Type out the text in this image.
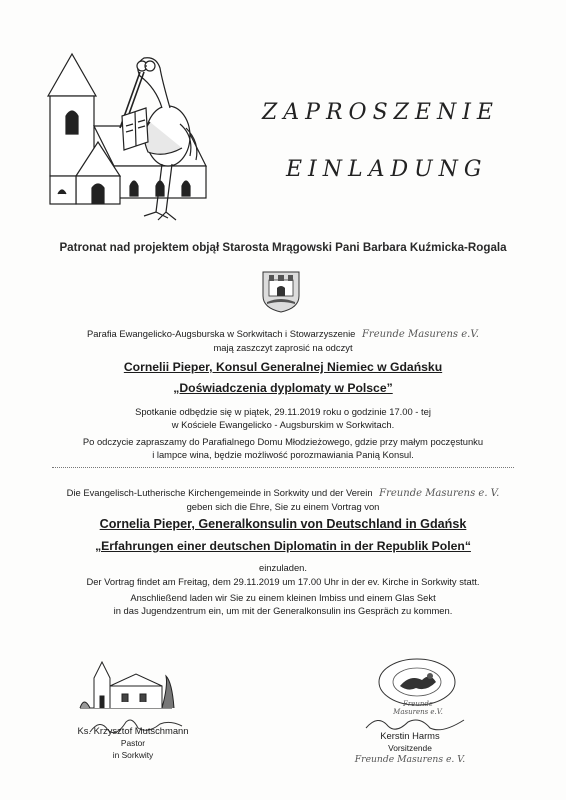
ZAPROSZENIE
EINLADUNG
Patronat nad projektem objął Starosta Mrągowski Pani Barbara Kuźmicka-Rogala
Parafia Ewangelicko-Augsburska w Sorkwitach i Stowarzyszenie Freunde Masurens e.V.
mają zaszczyt zaprosić na odczyt
Cornelii Pieper, Konsul Generalnej Niemiec w Gdańsku
„Doświadczenia dyplomaty w Polsce”
Spotkanie odbędzie się w piątek, 29.11.2019 roku o godzinie 17.00 - tej
w Kościele Ewangelicko - Augsburskim w Sorkwitach.
Po odczycie zapraszamy do Parafialnego Domu Młodzieżowego, gdzie przy małym poczęstunku
i lampce wina, będzie możliwość porozmawiania Panią Konsul.
Die Evangelisch-Lutherische Kirchengemeinde in Sorkwity und der Verein Freunde Masurens e. V.
geben sich die Ehre, Sie zu einem Vortrag von
Cornelia Pieper, Generalkonsulin von Deutschland in Gdańsk
„Erfahrungen einer deutschen Diplomatin in der Republik Polen“
einzuladen.
Der Vortrag findet am Freitag, dem 29.11.2019 um 17.00 Uhr in der ev. Kirche in Sorkwity statt.
Anschließend laden wir Sie zu einem kleinen Imbiss und einem Glas Sekt
in das Jugendzentrum ein, um mit der Generalkonsulin ins Gespräch zu kommen.
Freunde Masurens e.V.
Ks. Krzysztof Mutschmann
Pastor
in Sorkwity
Kerstin Harms
Vorsitzende
Freunde Masurens e. V.
